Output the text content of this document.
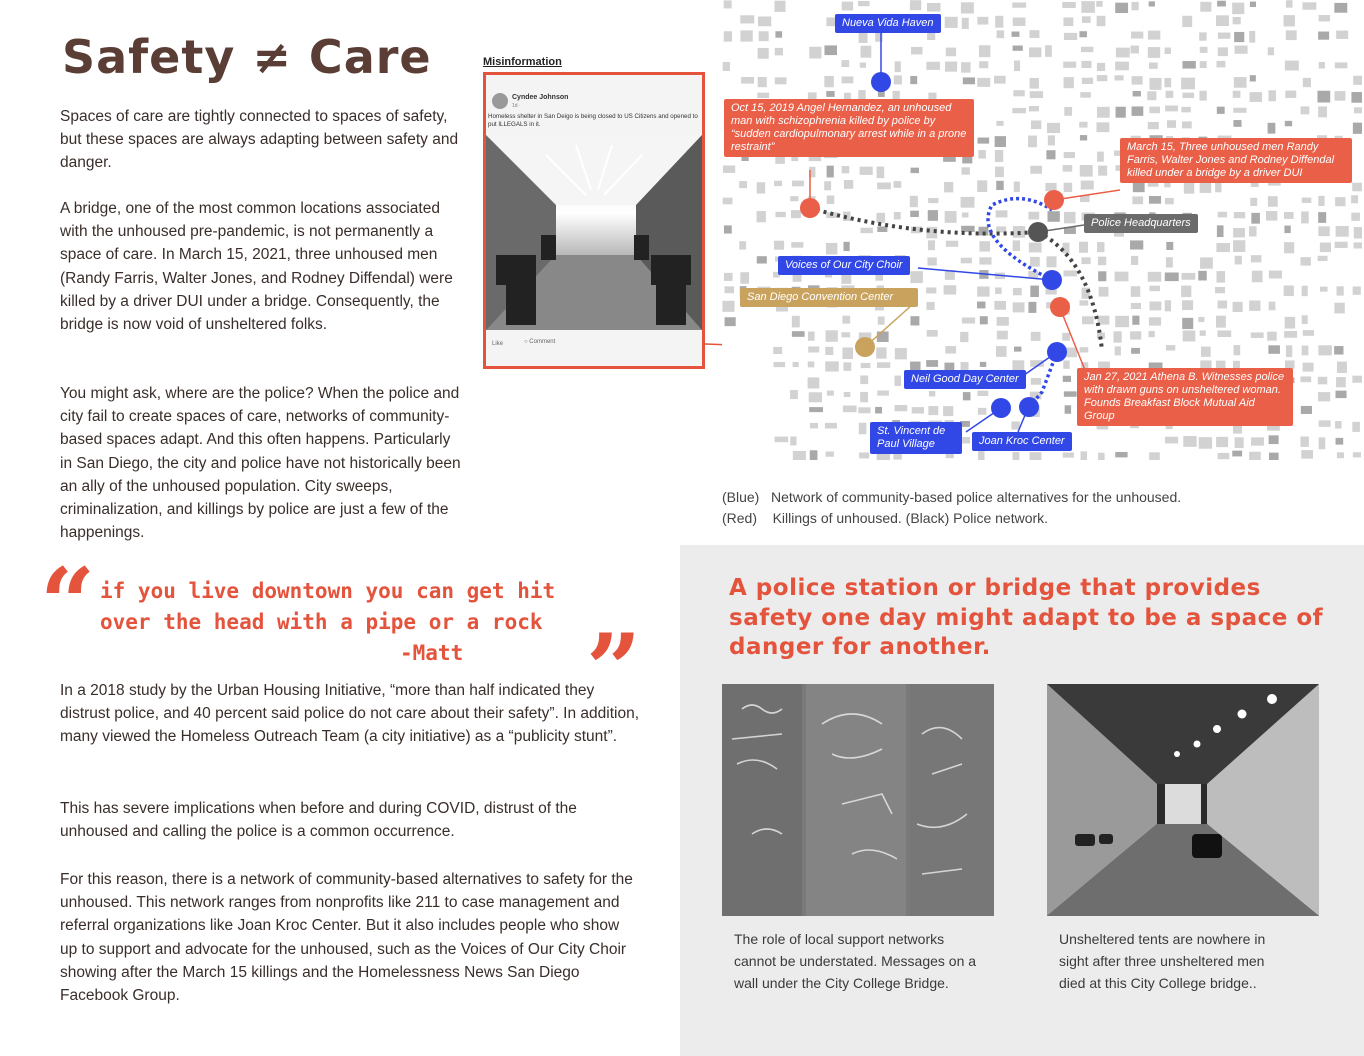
Safety ≠ Care

Spaces of care are tightly connected to spaces of safety, but these spaces are always adapting between safety and danger.

A bridge, one of the most common locations associated with the unhoused pre-pandemic, is not permanently a space of care. In March 15, 2021, three unhoused men (Randy Farris, Walter Jones, and Rodney Diffendal) were killed by a driver DUI under a bridge. Consequently, the bridge is now void of unsheltered folks.

You might ask, where are the police? When the police and city fail to create spaces of care, networks of community-based spaces adapt. And this often happens. Particularly in San Diego, the city and police have not historically been an ally of the unhoused population. City sweeps, criminalization, and killings by police are just a few of the happenings.

Misinformation
Cyndee Johnson
1d ·
Homeless shelter in San Deigo is being closed to US Citizens and opened to put ILLEGALS in it.
Like	○ Comment
Nueva Vida Haven
Oct 15, 2019 Angel Hernandez, an unhoused man with schizophrenia killed by police by “sudden cardiopulmonary arrest while in a prone restraint”	March 15, Three unhoused men Randy Farris, Walter Jones and Rodney Diffendal killed under a bridge by a driver DUI
Police Headquarters
Voices of Our City Choir
San Diego Convention Center
Neil Good Day Center	Jan 27, 2021 Athena B. Witnesses police with drawn guns on unsheltered woman. Founds Breakfast Block Mutual Aid Group
St. Vincent de Paul Village	Joan Kroc Center
(Blue) Network of community-based police alternatives for the unhoused.
(Red) Killings of unhoused. (Black) Police network.
“
”
if you live downtown you can get hit
over the head with a pipe or a rock
-Matt

In a 2018 study by the Urban Housing Initiative, “more than half indicated they distrust police, and 40 percent said police do not care about their safety”. In addition, many viewed the Homeless Outreach Team (a city initiative) as a “publicity stunt”.

This has severe implications when before and during COVID, distrust of the unhoused and calling the police is a common occurrence.

For this reason, there is a network of community-based alternatives to safety for the unhoused. This network ranges from nonprofits like 211 to case management and referral organizations like Joan Kroc Center. But it also includes people who show up to support and advocate for the unhoused, such as the Voices of Our City Choir showing after the March 15 killings and the Homelessness News San Diego Facebook Group.

A police station or bridge that provides safety one day might adapt to be a space of danger for another.
The role of local support networks cannot be understated. Messages on a wall under the City College Bridge.
Unsheltered tents are nowhere in sight after three unsheltered men died at this City College bridge..
